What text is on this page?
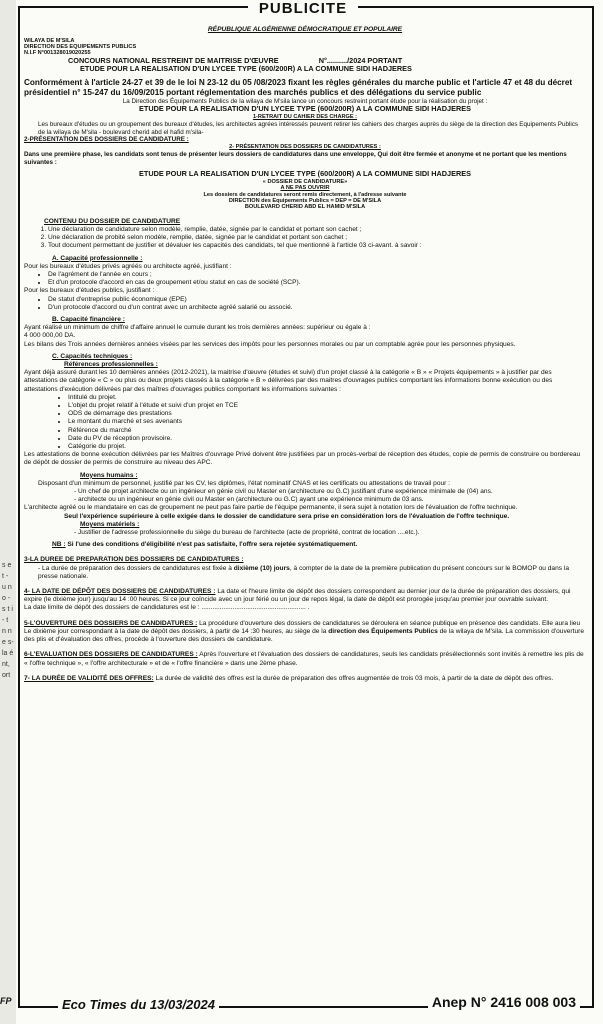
s e t - u n o - s t i - t n n e s- la é nt, ort
PUBLICITE
RÉPUBLIQUE ALGÉRIENNE DÉMOCRATIQUE ET POPULAIRE
WILAYA DE M'SILA
DIRECTION DES EQUIPEMENTS PUBLICS
N.I.F N°001328019020255
CONCOURS NATIONAL RESTREINT DE MAITRISE D'ŒUVRE	N°........../2024 PORTANT
ETUDE POUR LA REALISATION D'UN LYCEE TYPE (600/200R) A LA COMMUNE SIDI HADJERES
Conformément à l'article 24-27 et 39 de le loi N 23-12 du 05 /08/2023 fixant les règles générales du marche public et l'article 47 et 48 du décret présidentiel n° 15-247 du 16/09/2015 portant réglementation des marchés publics et des délégations du service public
La Direction des Équipements Publics de la wilaya de M'sila lance un concours restreint portant étude pour la réalisation du projet :
ETUDE POUR LA REALISATION D'UN LYCEE TYPE (600/200R) A LA COMMUNE SIDI HADJERES
1-RETRAIT DU CAHIER DES CHARGE :
Les bureaux d'études ou un groupement des bureaux d'études, les architectes agrées intéressés peuvent retirer les cahiers des charges auprès du siège de la direction des Equipements Publics de la wilaya de M'sila - boulevard cherid abd el hafid m'sila-
2-PRÉSENTATION DES DOSSIERS DE CANDIDATURE :
2- PRÉSENTATION DES DOSSIERS DE CANDIDATURES :
Dans une première phase, les candidats sont tenus de présenter leurs dossiers de candidatures dans une enveloppe, Qui doit être fermée et anonyme et ne portant que les mentions suivantes :
ETUDE POUR LA REALISATION D'UN LYCEE TYPE (600/200R) A LA COMMUNE SIDI HADJERES
« DOSSIER DE CANDIDATURE»
A NE PAS OUVRIR
Les dossiers de candidatures seront remis directement, à l'adresse suivante
DIRECTION des Equipements Publics = DEP = DE M'SILA
BOULEVARD CHERID ABD EL HAMID M'SILA
CONTENU DU DOSSIER DE CANDIDATURE
1. Une déclaration de candidature selon modèle, remplie, datée, signée par le candidat et portant son cachet ;
2. Une déclaration de probité selon modèle, remplie, datée, signée par le candidat et portant son cachet ;
3. Tout document permettant de justifier et dévaluer les capacités des candidats, tel que mentionné à l'article 03 ci-avant. à savoir :
A. Capacité professionnelle :
Pour les bureaux d'études privés agréés ou architecte agréé, justifiant :
• De l'agrément de l'année en cours ;
• Et d'un protocole d'accord en cas de groupement et/ou statut en cas de société (SCP).
Pour les bureaux d'études publics, justifiant :
• De statut d'entreprise public économique (EPE)
• D'un protocole d'accord ou d'un contrat avec un architecte agréé salarié ou associé.
B. Capacité financière :
Ayant réalisé un minimum de chiffre d'affaire annuel le cumule durant les trois dernières années: supérieur ou égale à :
4 000 000,00 DA.
Les bilans des Trois années dernières années visées par les services des impôts pour les personnes morales ou par un comptable agrée pour les personnes physiques.
C. Capacités techniques :
Références professionnelles :
Ayant déjà assuré durant les 10 dernières années (2012-2021), la maitrise d'œuvre (études et suivi) d'un projet classé à la catégorie « B » « Projets équipements » à justifier par des attestations de catégorie « C » ou plus ou deux projets classés à la catégorie « B » délivrées par des maitres d'ouvrages publics comportant les informations bonne exécution ou des attestations d'exécution délivrées par des maîtres d'ouvrages publics comportant les informations suivantes :
• Intitulé du projet.
• L'objet du projet relatif à l'étude et suivi d'un projet en TCE
• ODS de démarrage des prestations
• Le montant du marché et ses avenants
• Référence du marché
• Date du PV de réception provisoire.
• Catégorie du projet.
Les attestations de bonne exécution délivrées par les Maîtres d'ouvrage Privé doivent être justifiées par un procès-verbal de réception des études, copie de permis de construire ou bordereau de dépôt de dossier de permis de construire au niveau des APC.
Moyens humains :
Disposant d'un minimum de personnel, justifié par les CV, les diplômes, l'état nominatif CNAS et les certificats ou attestations de travail pour :
- Un chef de projet architecte ou un ingénieur en génie civil ou Master en (architecture ou G.C) justifiant d'une expérience minimale de (04) ans.
- architecte ou un ingénieur en génie civil ou Master en (architecture ou G.C) ayant une expérience minimum de 03 ans.
L'architecte agréé ou le mandataire en cas de groupement ne peut pas faire partie de l'équipe permanente, il sera sujet à notation lors de l'évaluation de l'offre technique.
Seul l'expérience supérieure à celle exigée dans le dossier de candidature sera prise en considération lors de l'évaluation de l'offre technique.
Moyens matériels :
- Justifier de l'adresse professionnelle du siège du bureau de l'architecte (acte de propriété, contrat de location ....etc.).
NB : Si l'une des conditions d'éligibilité n'est pas satisfaite, l'offre sera rejetée systématiquement.
3-LA DUREE DE PREPARATION DES DOSSIERS DE CANDIDATURES :
- La durée de préparation des dossiers de candidatures est fixée à dixième (10) jours, à compter de la date de la première publication du présent concours sur le BOMOP ou dans la presse nationale.
4- LA DATE DE DÉPÔT DES DOSSIERS DE CANDIDATURES : La date et l'heure limite de dépôt des dossiers correspondent au dernier jour de la durée de préparation des dossiers, qui expire (le dixième jour) jusqu'au 14 :00 heures. Si ce jour coïncide avec un jour férié ou un jour de repos légal, la date de dépôt est prorogée jusqu'au premier jour ouvrable suivant.
La date limite de dépôt des dossiers de candidatures est le : ......................................................... .
5-L'OUVERTURE DES DOSSIERS DE CANDIDATURES : La procédure d'ouverture des dossiers de candidatures se déroulera en séance publique en présence des candidats. Elle aura lieu Le dixième jour correspondant à la date de dépôt des dossiers, à partir de 14 :30 heures, au siège de la direction des Équipements Publics de la wilaya de M'sila. La commission d'ouverture des plis et d'évaluation des offres, procède à l'ouverture des dossiers de candidature.
6-L'EVALUATION DES DOSSIERS DE CANDIDATURES : Après l'ouverture et l'évaluation des dossiers de candidatures, seuls les candidats présélectionnés sont invités à remettre les plis de « l'offre technique », « l'offre architecturale » et de « l'offre financière » dans une 2ème phase.
7- LA DURÉE DE VALIDITÉ DES OFFRES: La durée de validité des offres est la durée de préparation des offres augmentée de trois 03 mois, à partir de la date de dépôt des offres.
FP	Eco Times du 13/03/2024	Anep N° 2416 008 003
